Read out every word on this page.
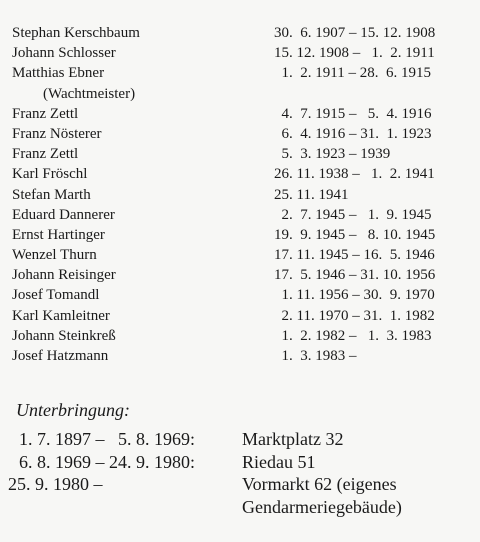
Stephan Kerschbaum	30.  6. 1907 – 15. 12. 1908
Johann Schlosser	15. 12. 1908 –   1.  2. 1911
Matthias Ebner	1.  2. 1911 – 28.  6. 1915
(Wachtmeister)
Franz Zettl	4.  7. 1915 –   5.  4. 1916
Franz Nösterer	6.  4. 1916 – 31.  1. 1923
Franz Zettl	5.  3. 1923 – 1939
Karl Fröschl	26. 11. 1938 –   1.  2. 1941
Stefan Marth	25. 11. 1941
Eduard Dannerer	2.  7. 1945 –   1.  9. 1945
Ernst Hartinger	19.  9. 1945 –   8. 10. 1945
Wenzel Thurn	17. 11. 1945 – 16.  5. 1946
Johann Reisinger	17.  5. 1946 – 31. 10. 1956
Josef Tomandl	1. 11. 1956 – 30.  9. 1970
Karl Kamleitner	2. 11. 1970 – 31.  1. 1982
Johann Steinkreß	1.  2. 1982 –   1.  3. 1983
Josef Hatzmann	1.  3. 1983 –
Unterbringung:
1. 7. 1897 –   5. 8. 1969:	Marktplatz 32
6. 8. 1969 – 24. 9. 1980:	Riedau 51
25. 9. 1980 –	Vormarkt 62 (eigenes
Gendarmeriegebäude)
